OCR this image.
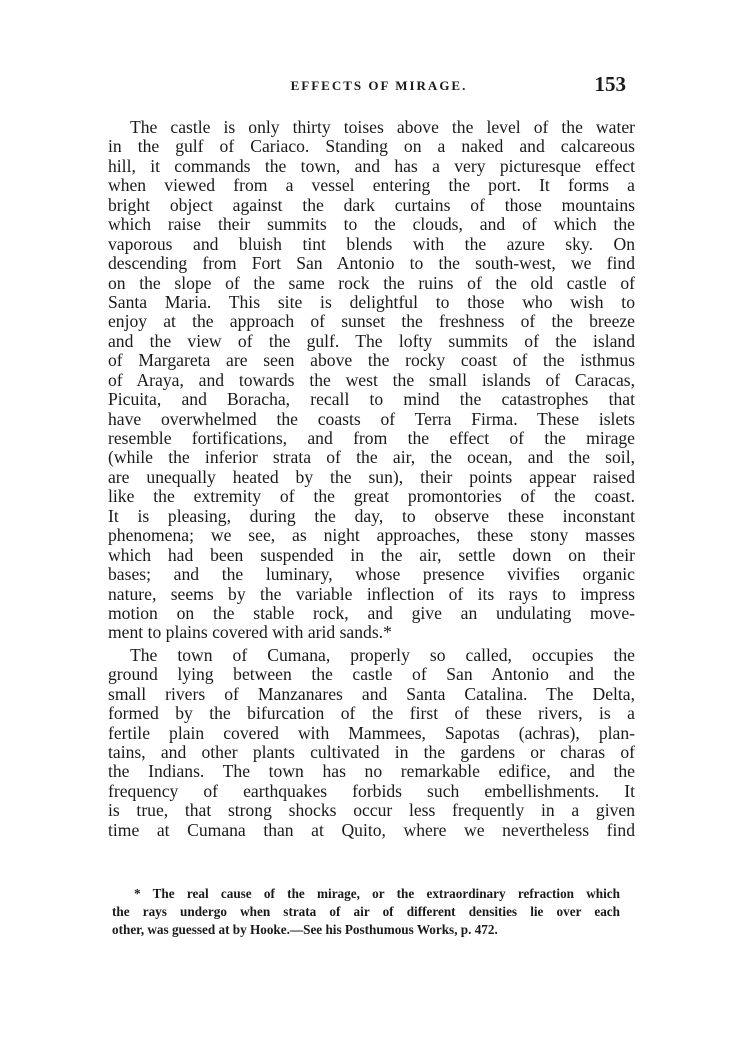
EFFECTS OF MIRAGE.	153
The castle is only thirty toises above the level of the water
in the gulf of Cariaco. Standing on a naked and calcareous
hill, it commands the town, and has a very picturesque effect
when viewed from a vessel entering the port. It forms a
bright object against the dark curtains of those mountains
which raise their summits to the clouds, and of which the
vaporous and bluish tint blends with the azure sky. On
descending from Fort San Antonio to the south-west, we find
on the slope of the same rock the ruins of the old castle of
Santa Maria. This site is delightful to those who wish to
enjoy at the approach of sunset the freshness of the breeze
and the view of the gulf. The lofty summits of the island
of Margareta are seen above the rocky coast of the isthmus
of Araya, and towards the west the small islands of Caracas,
Picuita, and Boracha, recall to mind the catastrophes that
have overwhelmed the coasts of Terra Firma. These islets
resemble fortifications, and from the effect of the mirage
(while the inferior strata of the air, the ocean, and the soil,
are unequally heated by the sun), their points appear raised
like the extremity of the great promontories of the coast.
It is pleasing, during the day, to observe these inconstant
phenomena; we see, as night approaches, these stony masses
which had been suspended in the air, settle down on their
bases; and the luminary, whose presence vivifies organic
nature, seems by the variable inflection of its rays to impress
motion on the stable rock, and give an undulating move-
ment to plains covered with arid sands.*
The town of Cumana, properly so called, occupies the
ground lying between the castle of San Antonio and the
small rivers of Manzanares and Santa Catalina. The Delta,
formed by the bifurcation of the first of these rivers, is a
fertile plain covered with Mammees, Sapotas (achras), plan-
tains, and other plants cultivated in the gardens or charas of
the Indians. The town has no remarkable edifice, and the
frequency of earthquakes forbids such embellishments. It
is true, that strong shocks occur less frequently in a given
time at Cumana than at Quito, where we nevertheless find
* The real cause of the mirage, or the extraordinary refraction which
the rays undergo when strata of air of different densities lie over each
other, was guessed at by Hooke.—See his Posthumous Works, p. 472.
